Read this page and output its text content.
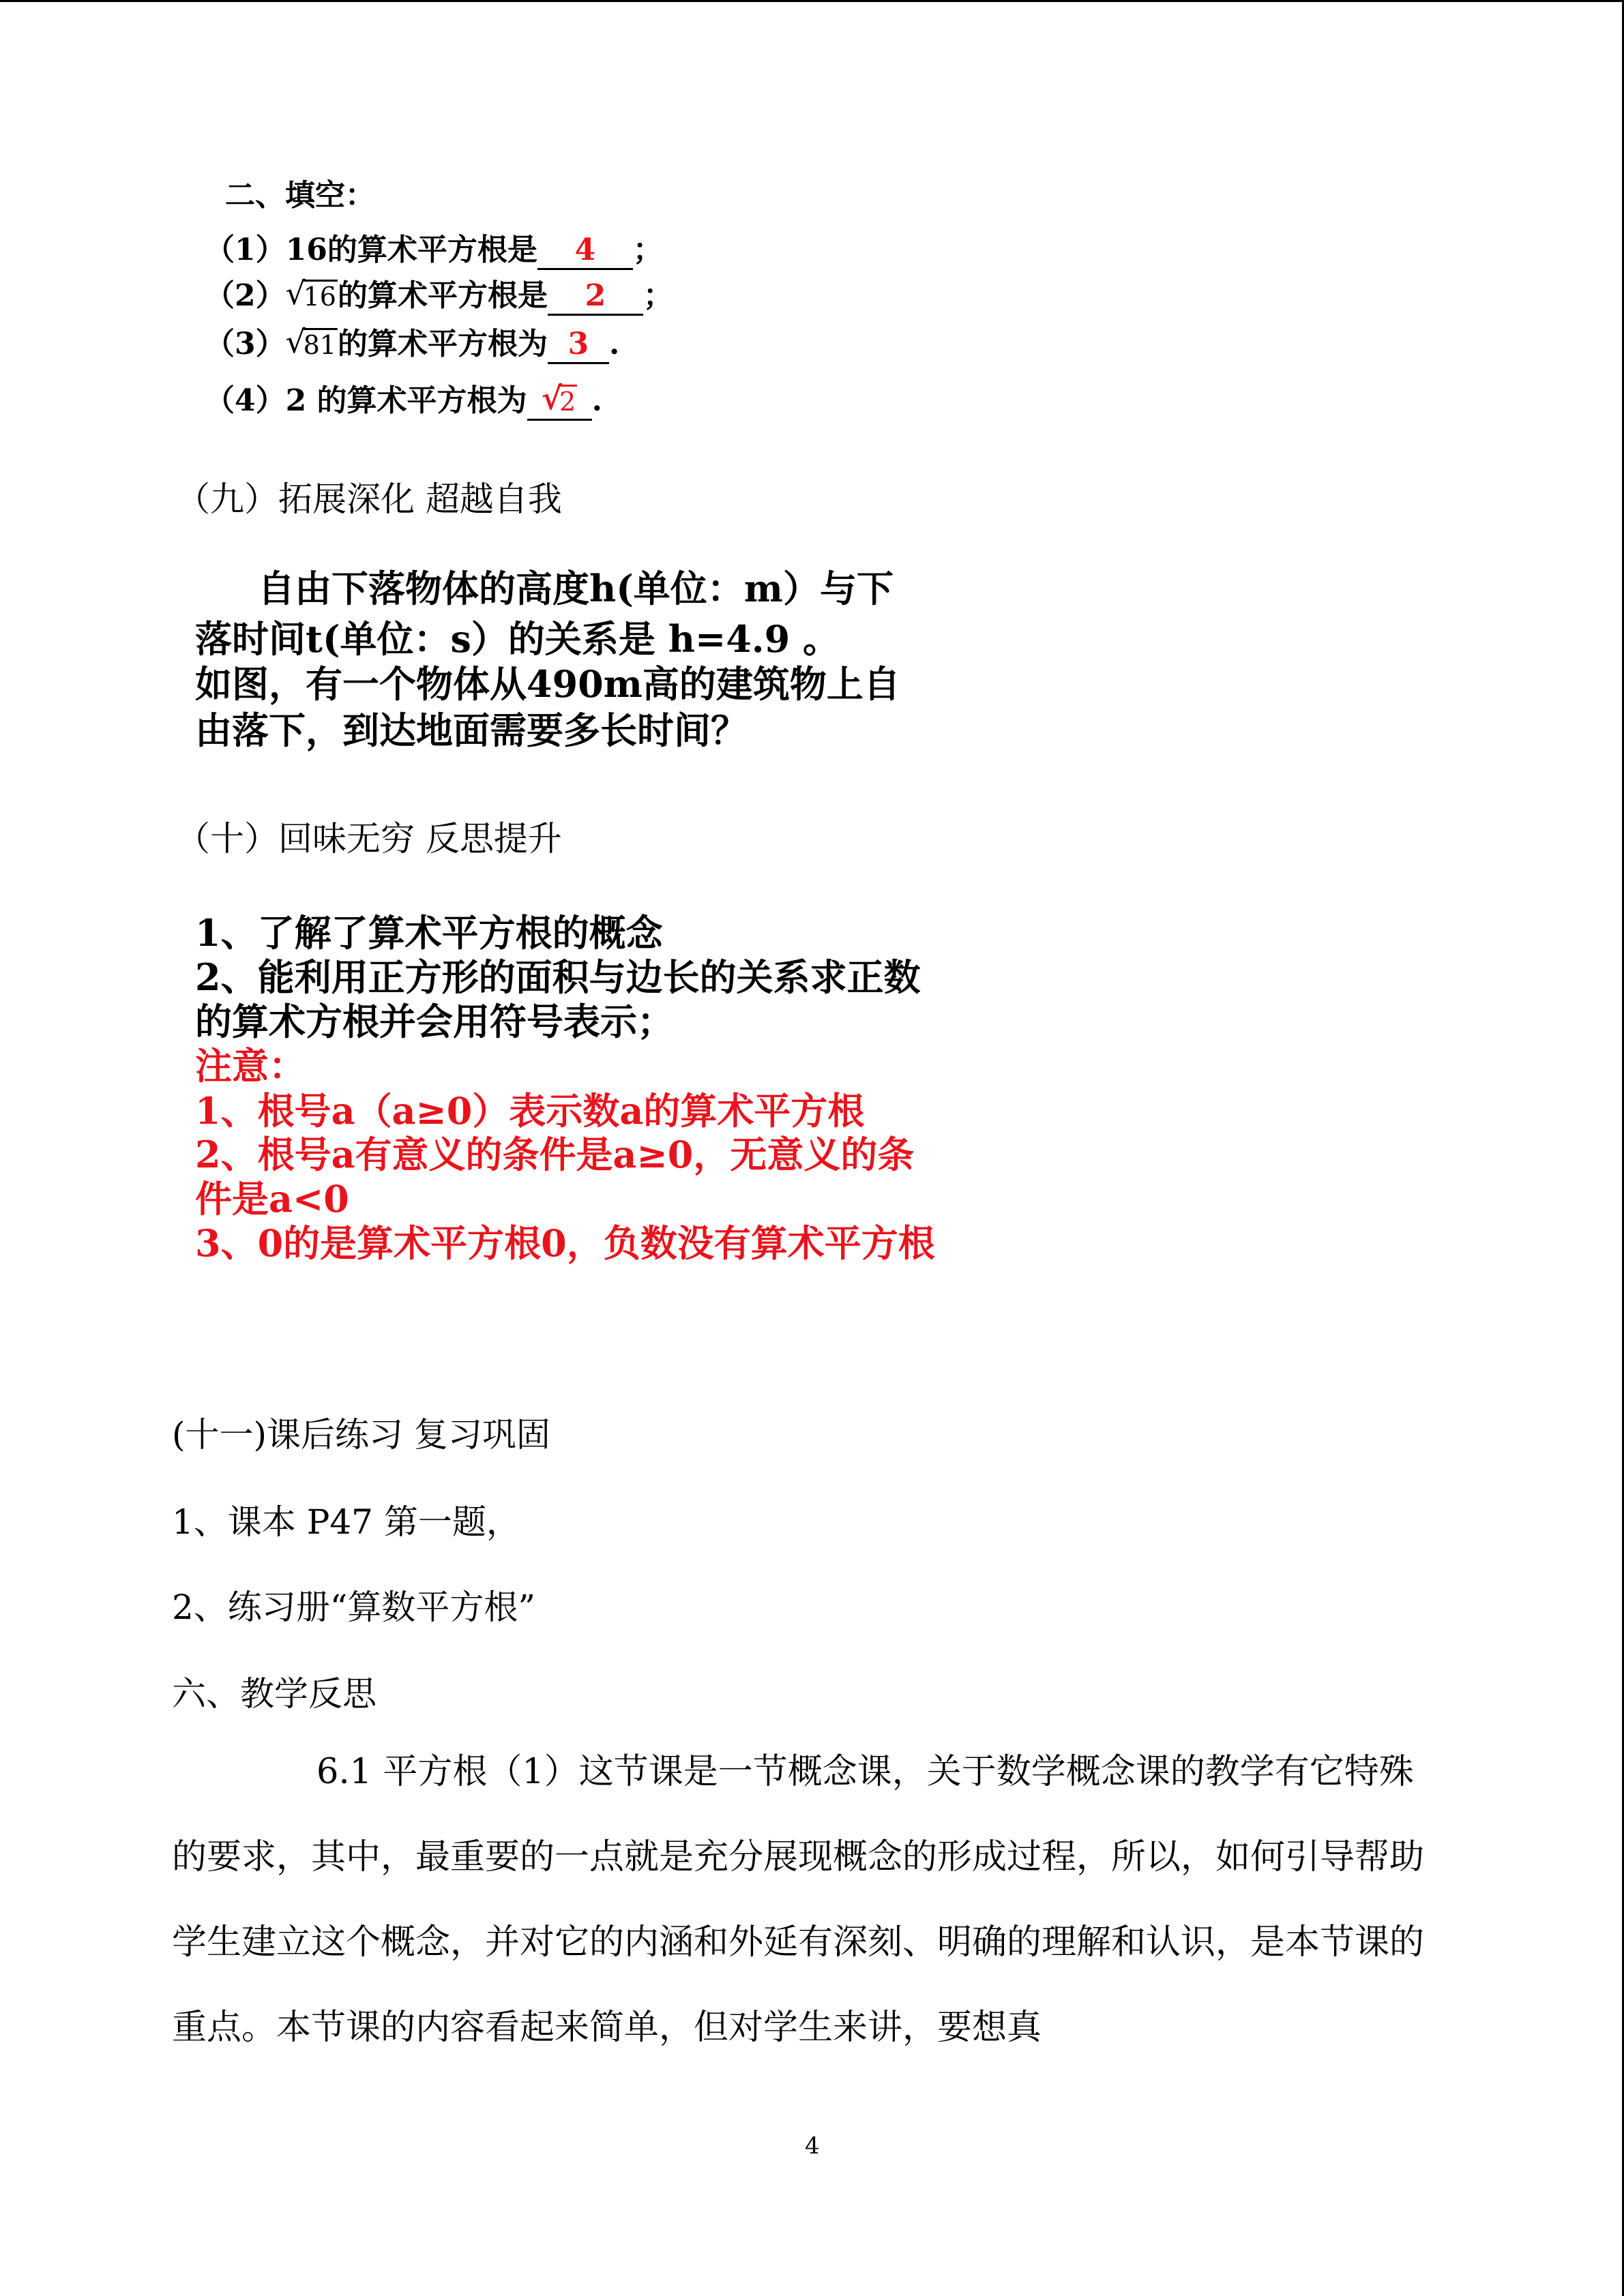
二、填空：
（1）16的算术平方根是 4 ；
（2） √ 16的算术平方根是 2 ；
（3） √ 81的算术平方根为 3 .
（4）2 的算术平方根为 √ 2 .
（九）拓展深化 超越自我
自由下落物体的高度h(单位：m）与下
落时间t(单位：s）的关系是 h=4.9 。
如图，有一个物体从490m高的建筑物上自
由落下，到达地面需要多长时间？
（十）回味无穷 反思提升
1、了解了算术平方根的概念
2、能利用正方形的面积与边长的关系求正数
的算术方根并会用符号表示；
注意：
1、根号a（a≥0）表示数a的算术平方根
2、根号a有意义的条件是a≥0，无意义的条
件是a<0
3、0的是算术平方根0，负数没有算术平方根
(十一)课后练习 复习巩固
1、课本 P47 第一题，
2、练习册“算数平方根”
六、教学反思
6.1 平方根（1）这节课是一节概念课，关于数学概念课的教学有它特殊的要求，其中，最重要的一点就是充分展现概念的形成过程，所以，如何引导帮助学生建立这个概念，并对它的内涵和外延有深刻、明确的理解和认识，是本节课的重点。本节课的内容看起来简单，但对学生来讲，要想真
4
